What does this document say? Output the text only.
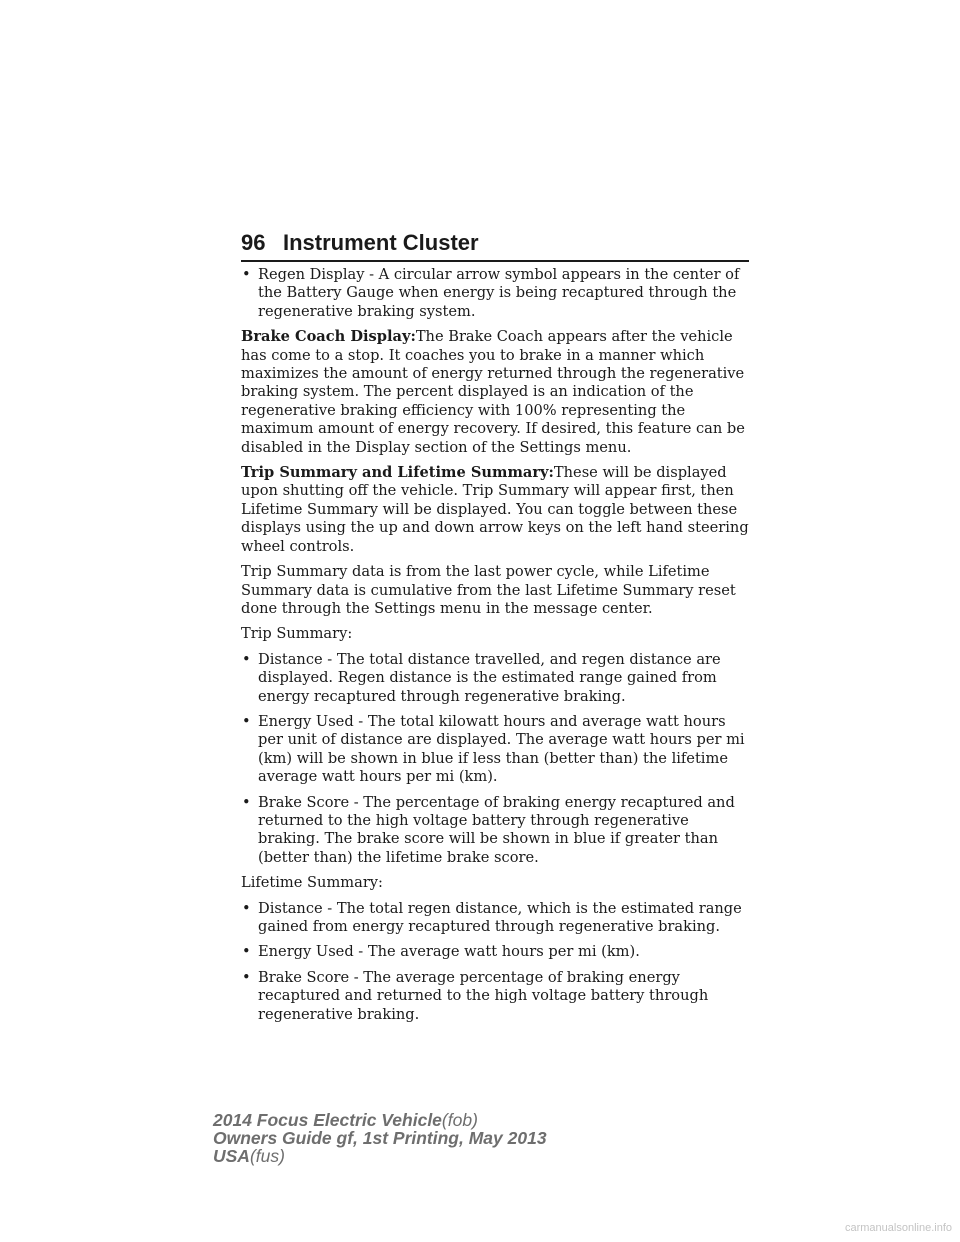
96 Instrument Cluster
• Regen Display - A circular arrow symbol appears in the center of the Battery Gauge when energy is being recaptured through the regenerative braking system.

Brake Coach Display:The Brake Coach appears after the vehicle has come to a stop. It coaches you to brake in a manner which maximizes the amount of energy returned through the regenerative braking system. The percent displayed is an indication of the regenerative braking efficiency with 100% representing the maximum amount of energy recovery. If desired, this feature can be disabled in the Display section of the Settings menu.

Trip Summary and Lifetime Summary:These will be displayed upon shutting off the vehicle. Trip Summary will appear first, then Lifetime Summary will be displayed. You can toggle between these displays using the up and down arrow keys on the left hand steering wheel controls.

Trip Summary data is from the last power cycle, while Lifetime Summary data is cumulative from the last Lifetime Summary reset done through the Settings menu in the message center.

Trip Summary:

• Distance - The total distance travelled, and regen distance are displayed. Regen distance is the estimated range gained from energy recaptured through regenerative braking.
• Energy Used - The total kilowatt hours and average watt hours per unit of distance are displayed. The average watt hours per mi (km) will be shown in blue if less than (better than) the lifetime average watt hours per mi (km).
• Brake Score - The percentage of braking energy recaptured and returned to the high voltage battery through regenerative braking. The brake score will be shown in blue if greater than (better than) the lifetime brake score.

Lifetime Summary:

• Distance - The total regen distance, which is the estimated range gained from energy recaptured through regenerative braking.
• Energy Used - The average watt hours per mi (km).
• Brake Score - The average percentage of braking energy recaptured and returned to the high voltage battery through regenerative braking.
2014 Focus Electric Vehicle(fob)
Owners Guide gf, 1st Printing, May 2013
USA(fus)
carmanualsonline.info
